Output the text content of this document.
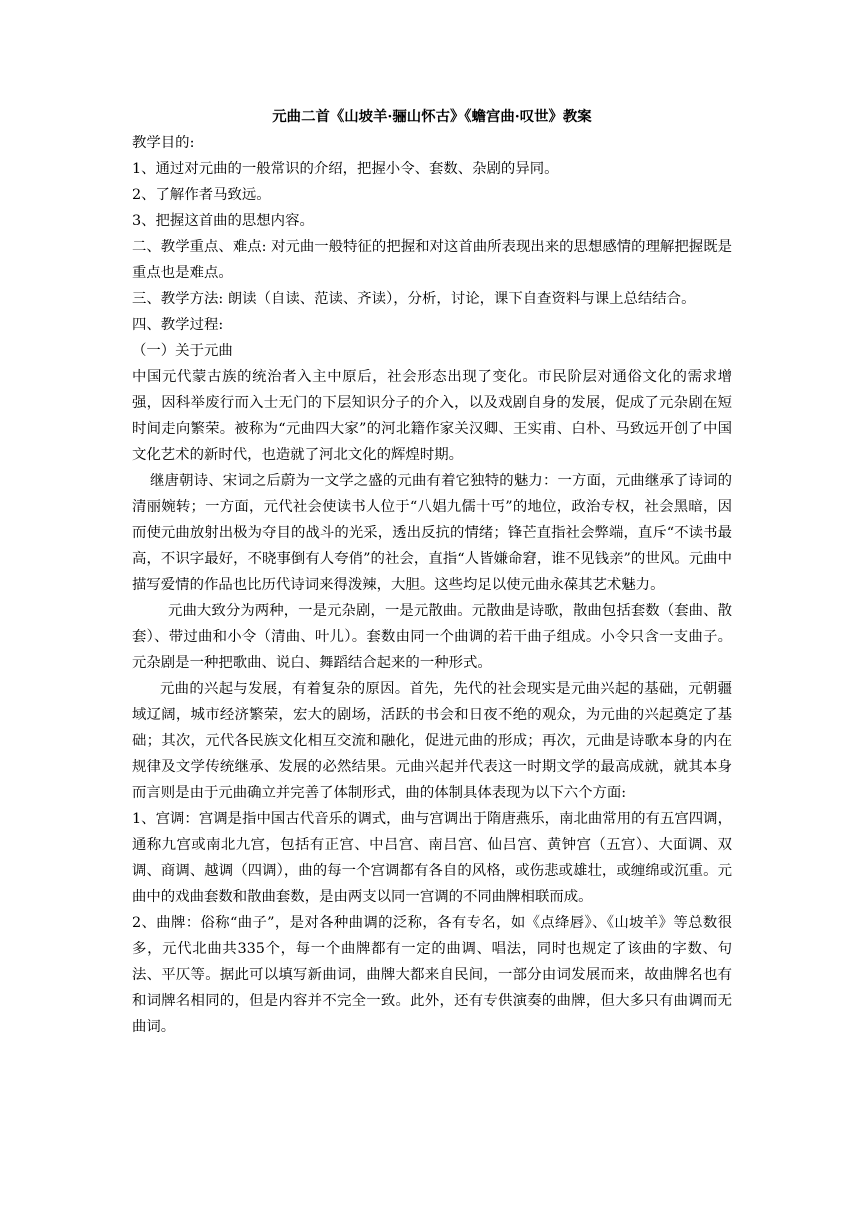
元曲二首《山坡羊·骊山怀古》《蟾宫曲·叹世》教案

教学目的:

1、通过对元曲的一般常识的介绍，把握小令、套数、杂剧的异同。

2、了解作者马致远。

3、把握这首曲的思想内容。

二、教学重点、难点: 对元曲一般特征的把握和对这首曲所表现出来的思想感情的理解把握既是重点也是难点。

三、教学方法: 朗读（自读、范读、齐读），分析，讨论，课下自查资料与课上总结结合。

四、教学过程:

（一）关于元曲

中国元代蒙古族的统治者入主中原后，社会形态出现了变化。市民阶层对通俗文化的需求增强，因科举废行而入士无门的下层知识分子的介入，以及戏剧自身的发展，促成了元杂剧在短时间走向繁荣。被称为“元曲四大家”的河北籍作家关汉卿、王实甫、白朴、马致远开创了中国文化艺术的新时代，也造就了河北文化的辉煌时期。

继唐朝诗、宋词之后蔚为一文学之盛的元曲有着它独特的魅力：一方面，元曲继承了诗词的清丽婉转；一方面，元代社会使读书人位于“八娼九儒十丐”的地位，政治专权，社会黑暗，因而使元曲放射出极为夺目的战斗的光采，透出反抗的情绪；锋芒直指社会弊端，直斥“不读书最高，不识字最好，不晓事倒有人夸俏”的社会，直指“人皆嫌命窘，谁不见钱亲”的世风。元曲中描写爱情的作品也比历代诗词来得泼辣，大胆。这些均足以使元曲永葆其艺术魅力。

元曲大致分为两种，一是元杂剧，一是元散曲。元散曲是诗歌，散曲包括套数（套曲、散套）、带过曲和小令（清曲、叶儿）。套数由同一个曲调的若干曲子组成。小令只含一支曲子。元杂剧是一种把歌曲、说白、舞蹈结合起来的一种形式。

元曲的兴起与发展，有着复杂的原因。首先，先代的社会现实是元曲兴起的基础，元朝疆域辽阔，城市经济繁荣，宏大的剧场，活跃的书会和日夜不绝的观众，为元曲的兴起奠定了基础；其次，元代各民族文化相互交流和融化，促进元曲的形成；再次，元曲是诗歌本身的内在规律及文学传统继承、发展的必然结果。元曲兴起并代表这一时期文学的最高成就，就其本身而言则是由于元曲确立并完善了体制形式，曲的体制具体表现为以下六个方面:

1、宫调：宫调是指中国古代音乐的调式，曲与宫调出于隋唐燕乐，南北曲常用的有五宫四调，通称九宫或南北九宫，包括有正宫、中吕宫、南吕宫、仙吕宫、黄钟宫（五宫）、大面调、双调、商调、越调（四调），曲的每一个宫调都有各自的风格，或伤悲或雄壮，或缠绵或沉重。元曲中的戏曲套数和散曲套数，是由两支以同一宫调的不同曲牌相联而成。

2、曲牌：俗称“曲子”，是对各种曲调的泛称，各有专名，如《点绛唇》、《山坡羊》等总数很多，元代北曲共335个，每一个曲牌都有一定的曲调、唱法，同时也规定了该曲的字数、句法、平仄等。据此可以填写新曲词，曲牌大都来自民间，一部分由词发展而来，故曲牌名也有和词牌名相同的，但是内容并不完全一致。此外，还有专供演奏的曲牌，但大多只有曲调而无曲词。
